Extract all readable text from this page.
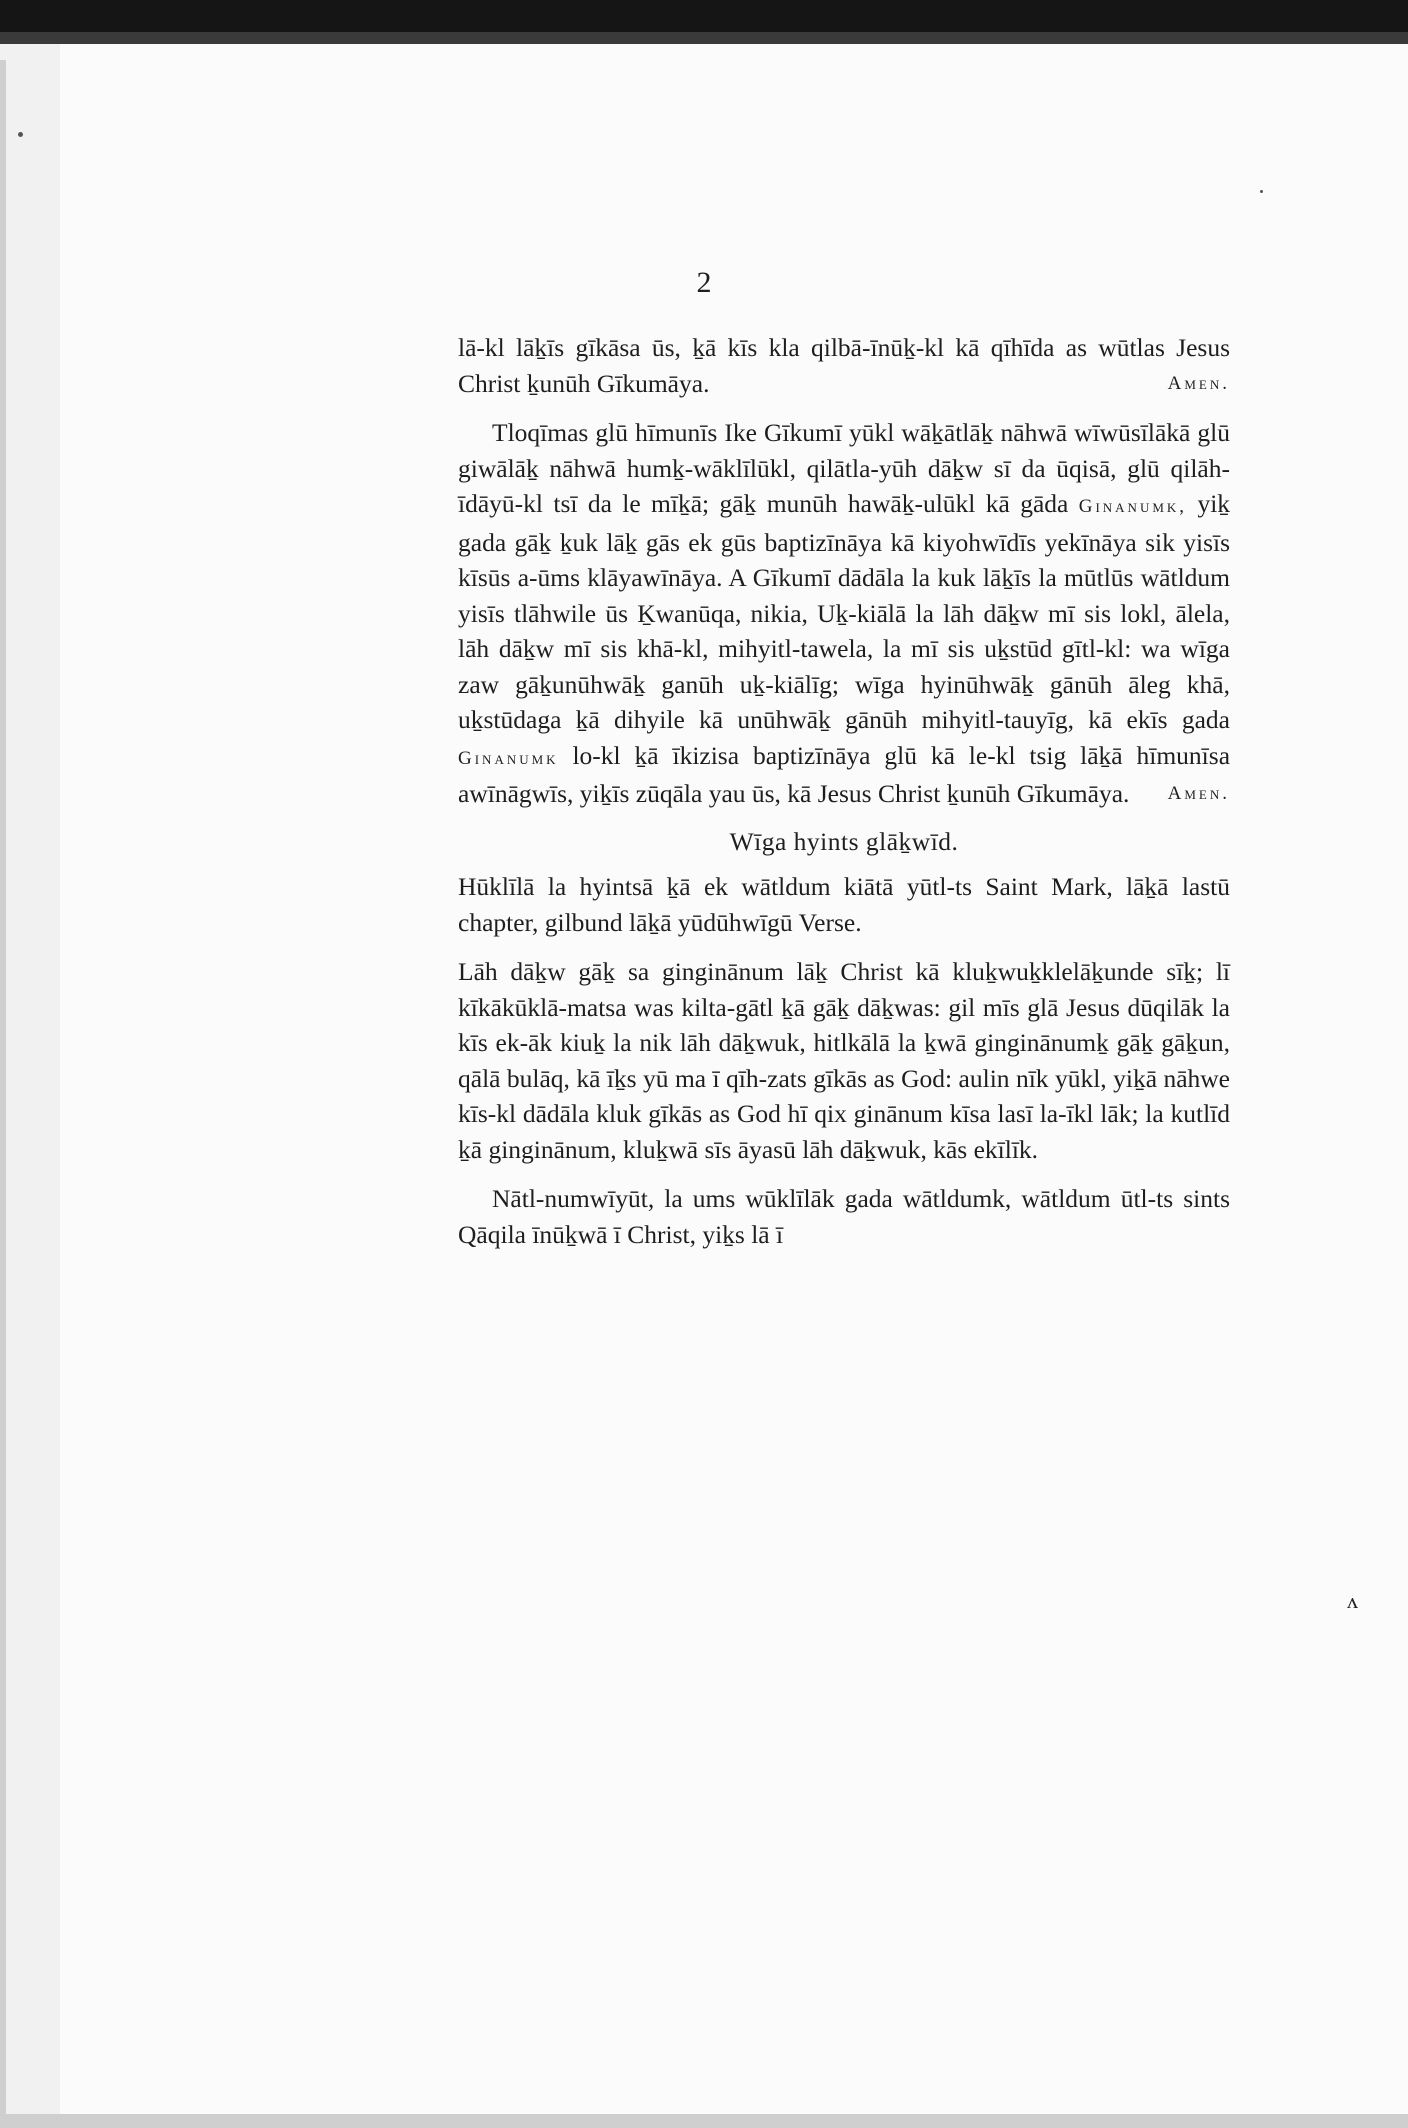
2

lā-kl lāḵīs gīkāsa ūs, ḵā kīs kla qilbā-īnūḵ-kl kā qīhīda as wūtlas Jesus Christ ḵunūh Gīkumāya.	Amen.

Tloqīmas glū hīmunīs Ike Gīkumī yūkl wāḵātlāḵ nāhwā wīwūsīlākā glū giwālāḵ nāhwā humḵ-wāklīlūkl, qilātla-yūh dāḵw sī da ūqisā, glū qilāh-īdāyū-kl tsī da le mīḵā; gāḵ munūh hawāḵ-ulūkl kā gāda Ginanumk, yiḵ gada gāḵ ḵuk lāḵ gās ek gūs baptizīnāya kā kiyohwīdīs yekīnāya sik yisīs kīsūs a-ūms klāyawīnāya. A Gīkumī dādāla la kuk lāḵīs la mūtlūs wātldum yisīs tlāhwile ūs Ḵwanūqa, nikia, Uḵ-kiālā la lāh dāḵw mī sis lokl, ālela, lāh dāḵw mī sis khā-kl, mihyitl-tawela, la mī sis uḵstūd gītl-kl: wa wīga zaw gāḵunūhwāḵ ganūh uḵ-kiālīg; wīga hyinūhwāḵ gānūh āleg khā, uḵstūdaga ḵā dihyile kā unūhwāḵ gānūh mihyitl-tauyīg, kā ekīs gada Ginanumk lo-kl ḵā īkizisa baptizīnāya glū kā le-kl tsig lāḵā hīmunīsa awīnāgwīs, yiḵīs zūqāla yau ūs, kā Jesus Christ ḵunūh Gīkumāya.	Amen.

Wīga hyints glāḵwīd.

Hūklīlā la hyintsā ḵā ek wātldum kiātā yūtl-ts Saint Mark, lāḵā lastū chapter, gilbund lāḵā yūdūhwīgū Verse.

Lāh dāḵw gāḵ sa ginginānum lāḵ Christ kā kluḵwuḵklelāḵunde sīḵ; lī kīkākūklā-matsa was kilta-gātl ḵā gāḵ dāḵwas: gil mīs glā Jesus dūqilāk la kīs ek-āk kiuḵ la nik lāh dāḵwuk, hitlkālā la ḵwā ginginānumḵ gāḵ gāḵun, qālā bulāq, kā īḵs yū ma ī qīh-zats gīkās as God: aulin nīk yūkl, yiḵā nāhwe kīs-kl dādāla kluk gīkās as God hī qix ginānum kīsa lasī la-īkl lāk; la kutlīd ḵā ginginānum, kluḵwā sīs āyasū lāh dāḵwuk, kās ekīlīk.

Nātl-numwīyūt, la ums wūklīlāk gada wātldumk, wātldum ūtl-ts sints Qāqila īnūḵwā ī Christ, yiḵs lā ī

ʌ
